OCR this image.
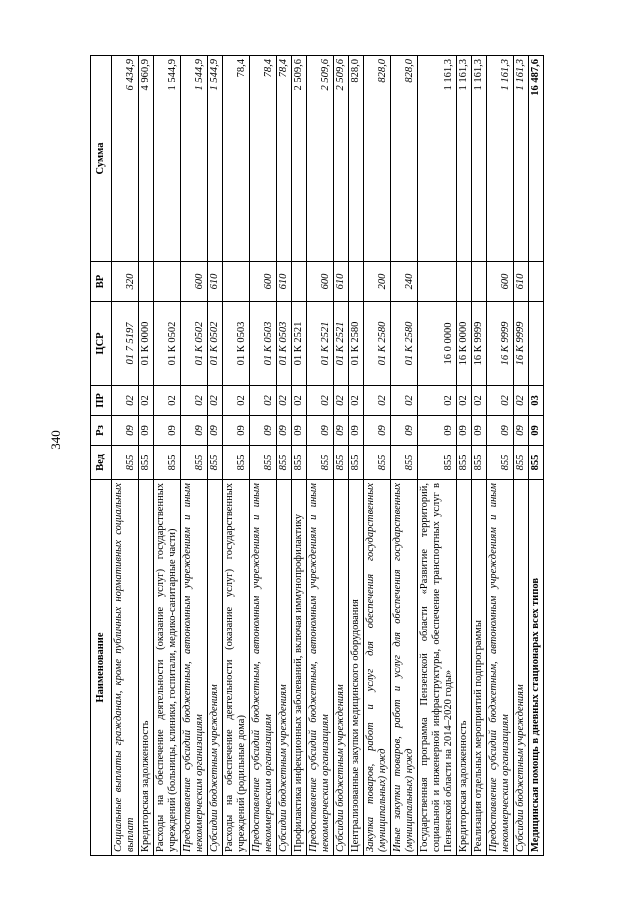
340
Наименование	Вед	Рз	ПР	ЦСР	ВР	Сумма
Социальные выплаты гражданам, кроме публичных нормативных социальных выплат	855	09	02	01 7 5197	320	6 434,9
Кредиторская задолженность	855	09	02	01 К 0000		4 960,9
Расходы на обеспечение деятельности (оказание услуг) государственных учреждений (больницы, клиники, госпитали, медико-санитарные части)	855	09	02	01 К 0502		1 544,9
Предоставление субсидий бюджетным, автономным учреждениям и иным некоммерческим организациям	855	09	02	01 К 0502	600	1 544,9
Субсидии бюджетным учреждениям	855	09	02	01 К 0502	610	1 544,9
Расходы на обеспечение деятельности (оказание услуг) государственных учреждений (родильные дома)	855	09	02	01 К 0503		78,4
Предоставление субсидий бюджетным, автономным учреждениям и иным некоммерческим организациям	855	09	02	01 К 0503	600	78,4
Субсидии бюджетным учреждениям	855	09	02	01 К 0503	610	78,4
Профилактика инфекционных заболеваний, включая иммунопрофилактику	855	09	02	01 К 2521		2 509,6
Предоставление субсидий бюджетным, автономным учреждениям и иным некоммерческим организациям	855	09	02	01 К 2521	600	2 509,6
Субсидии бюджетным учреждениям	855	09	02	01 К 2521	610	2 509,6
Централизованные закупки медицинского оборудования	855	09	02	01 К 2580		828,0
Закупка товаров, работ и услуг для обеспечения государственных (муниципальных) нужд	855	09	02	01 К 2580	200	828,0
Иные закупки товаров, работ и услуг для обеспечения государственных (муниципальных) нужд	855	09	02	01 К 2580	240	828,0
Государственная программа Пензенской области «Развитие территорий, социальной и инженерной инфраструктуры, обеспечение транспортных услуг в Пензенской области на 2014–2020 годы»	855	09	02	16 0 0000		1 161,3
Кредиторская задолженность	855	09	02	16 К 0000		1 161,3
Реализация отдельных мероприятий подпрограммы	855	09	02	16 К 9999		1 161,3
Предоставление субсидий бюджетным, автономным учреждениям и иным некоммерческим организациям	855	09	02	16 К 9999	600	1 161,3
Субсидии бюджетным учреждениям	855	09	02	16 К 9999	610	1 161,3
Медицинская помощь в дневных стационарах всех типов	855	09	03			16 487,6
